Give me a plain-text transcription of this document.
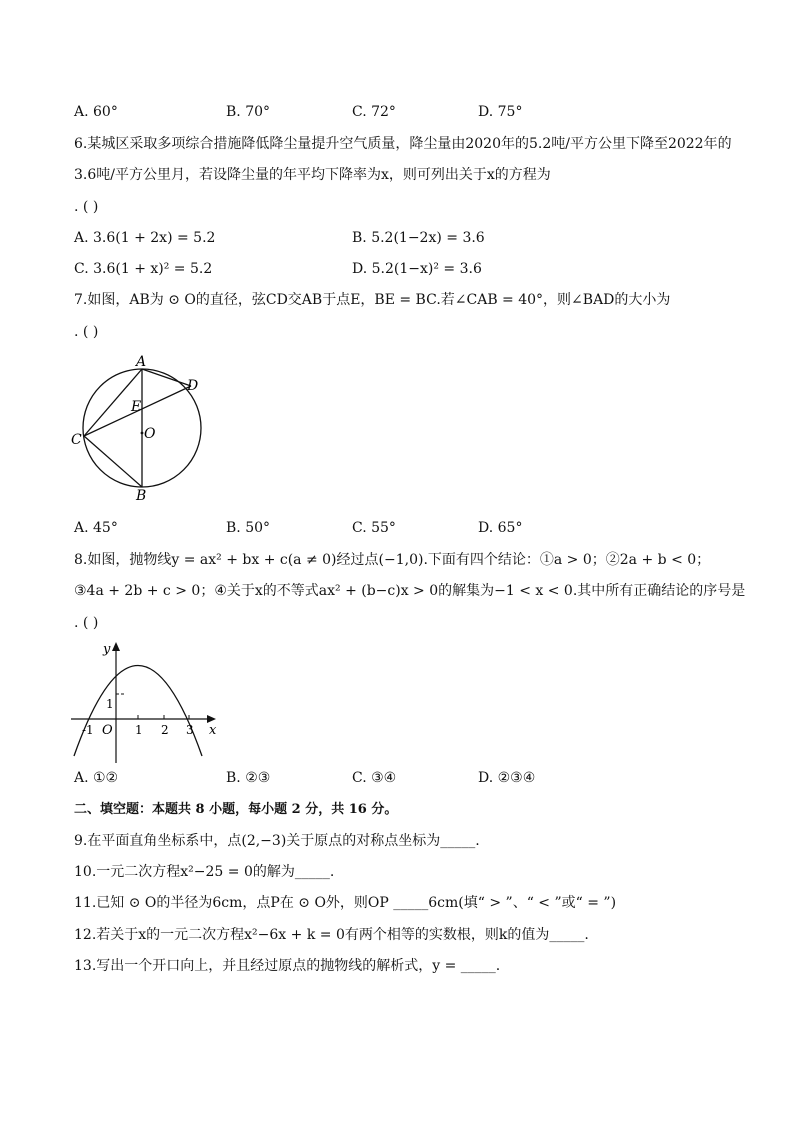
A. 60°	B. 70°	C. 72°	D. 75°
6.某城区采取多项综合措施降低降尘量提升空气质量，降尘量由2020年的5.2吨/平方公里下降至2022年的
3.6吨/平方公里月，若设降尘量的年平均下降率为x，则可列出关于x的方程为
. ( )
A. 3.6(1 + 2x) = 5.2	B. 5.2(1−2x) = 3.6
C. 3.6(1 + x)² = 5.2	D. 5.2(1−x)² = 3.6
7.如图，AB为 ⊙ O的直径，弦CD交AB于点E，BE = BC.若∠CAB = 40°，则∠BAD的大小为
. ( )
A
D
E
O
C
B
A. 45°	B. 50°	C. 55°	D. 65°
8.如图，抛物线y = ax² + bx + c(a ≠ 0)经过点(−1,0).下面有四个结论：①a > 0；②2a + b < 0；
③4a + 2b + c > 0；④关于x的不等式ax² + (b−c)x > 0的解集为−1 < x < 0.其中所有正确结论的序号是
. ( )
y
x
O
1
-1	1 2 3
A. ①②	B. ②③	C. ③④	D. ②③④
二、填空题：本题共 8 小题，每小题 2 分，共 16 分。
9.在平面直角坐标系中，点(2,−3)关于原点的对称点坐标为_____.
10.一元二次方程x²−25 = 0的解为_____.
11.已知 ⊙ O的半径为6cm，点P在 ⊙ O外，则OP _____6cm(填“ > ”、“ < ”或“ = ”)
12.若关于x的一元二次方程x²−6x + k = 0有两个相等的实数根，则k的值为_____.
13.写出一个开口向上，并且经过原点的抛物线的解析式，y = _____.
